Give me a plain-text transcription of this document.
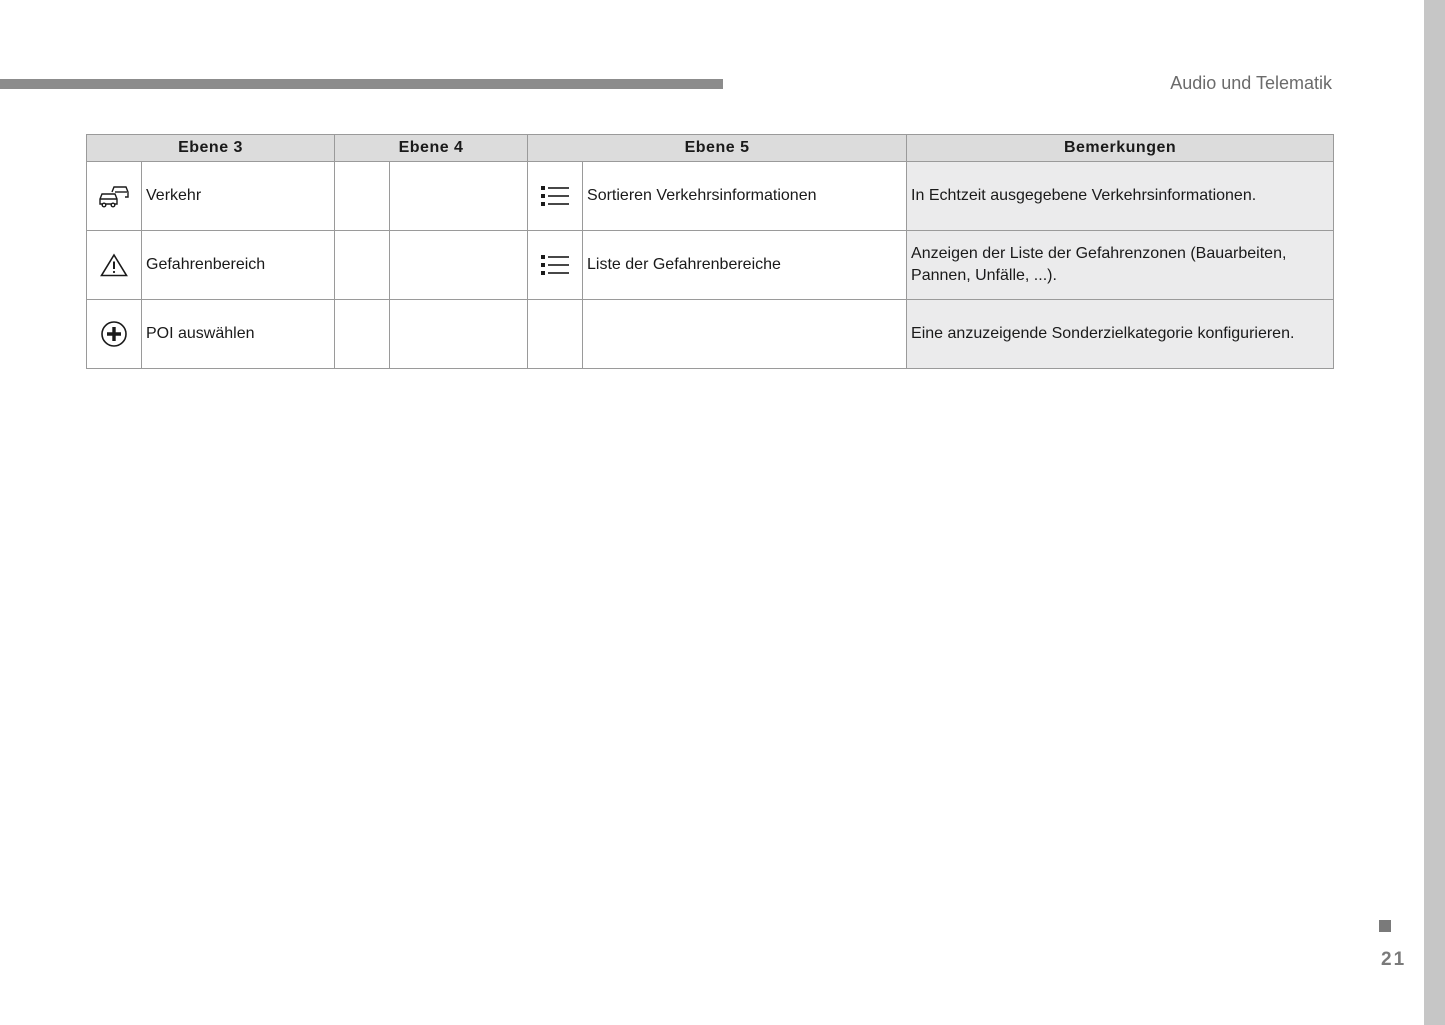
Audio und Telematik
Ebene 3		Ebene 4		Ebene 5		Bemerkungen

	Verkehr				Sortieren Verkehrsinformationen	In Echtzeit ausgegebene Verkehrsinformationen.

	Gefahrenbereich				Liste der Gefahrenbereiche	Anzeigen der Liste der Gefahrenzonen (Bauarbeiten, Pannen, Unfälle, ...).

	POI auswählen					Eine anzuzeigende Sonderzielkategorie konfigurieren.
21
